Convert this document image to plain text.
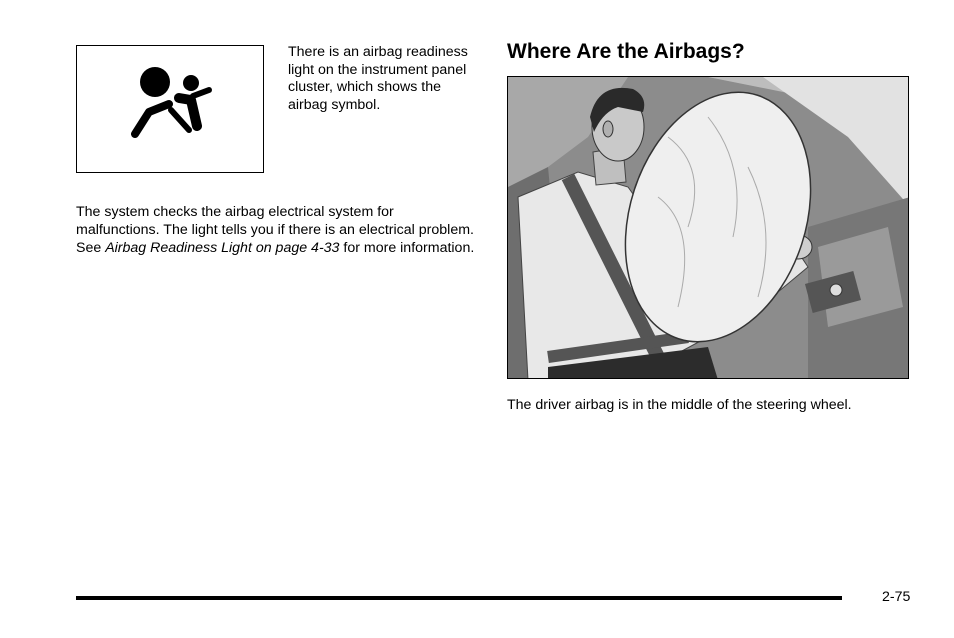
There is an airbag readiness light on the instrument panel cluster, which shows the airbag symbol.
The system checks the airbag electrical system for malfunctions. The light tells you if there is an electrical problem. See Airbag Readiness Light on page 4-33 for more information.
Where Are the Airbags?
The driver airbag is in the middle of the steering wheel.
2-75
